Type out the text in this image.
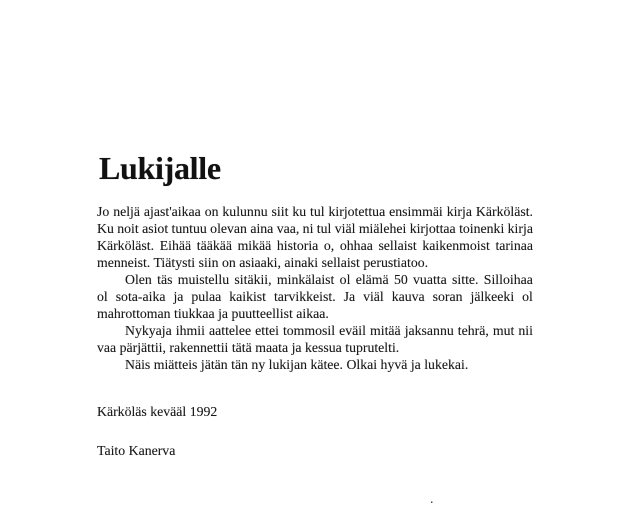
Lukijalle
Jo neljä ajast'aikaa on kulunnu siit ku tul kirjotettua ensimmäi kirja Kärköläst.
Ku noit asiot tuntuu olevan aina vaa, ni tul viäl miälehei kirjottaa toinenki kirja
Kärköläst. Eihää tääkää mikää historia o, ohhaa sellaist kaikenmoist tarinaa
menneist. Tiätysti siin on asiaaki, ainaki sellaist perustiatoo.
Olen täs muistellu sitäkii, minkälaist ol elämä 50 vuatta sitte. Silloihaa
ol sota-aika ja pulaa kaikist tarvikkeist. Ja viäl kauva soran jälkeeki ol
mahrottoman tiukkaa ja puutteellist aikaa.
Nykyaja ihmii aattelee ettei tommosil eväil mitää jaksannu tehrä, mut nii
vaa pärjättii, rakennettii tätä maata ja kessua tuprutelti.
Näis miätteis jätän tän ny lukijan kätee. Olkai hyvä ja lukekai.
Kärköläs kevääl 1992
Taito Kanerva
.
